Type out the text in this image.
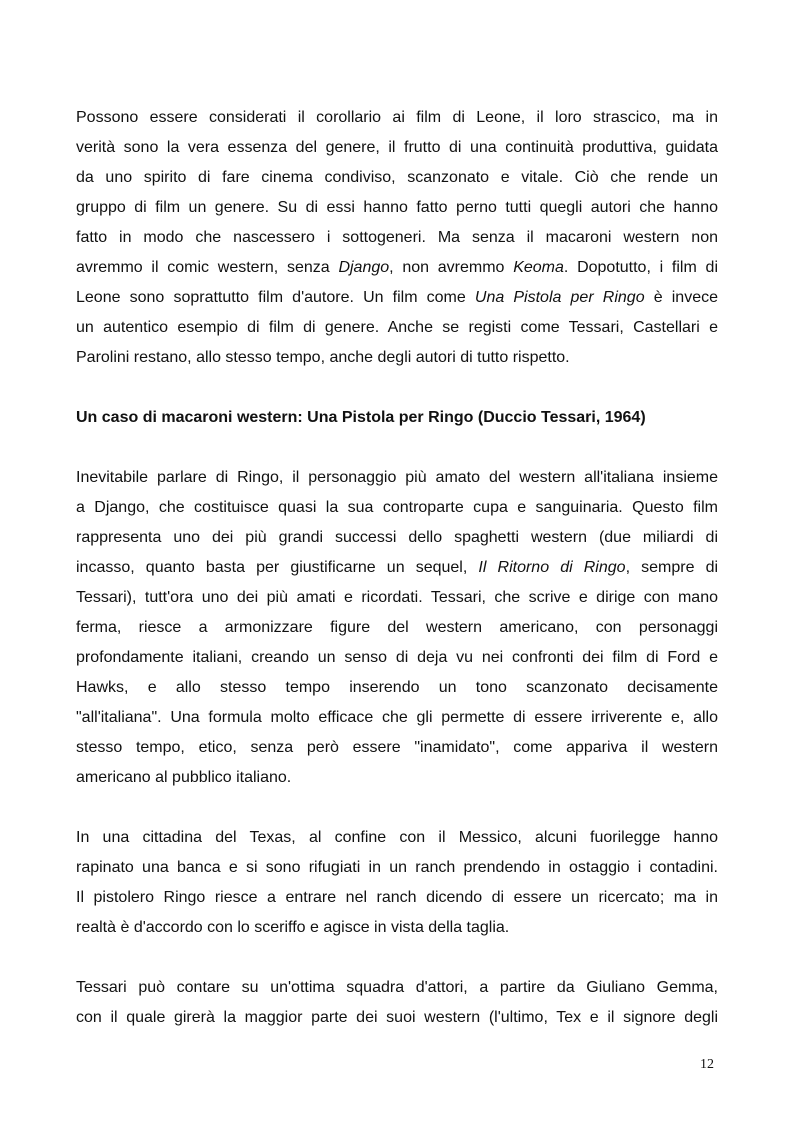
Possono essere considerati il corollario ai film di Leone, il loro strascico, ma in
verità sono la vera essenza del genere, il frutto di una continuità produttiva, guidata
da uno spirito di fare cinema condiviso, scanzonato e vitale. Ciò che rende un
gruppo di film un genere. Su di essi hanno fatto perno tutti quegli autori che hanno
fatto in modo che nascessero i sottogeneri. Ma senza il macaroni western non
avremmo il comic western, senza Django, non avremmo Keoma. Dopotutto, i film di
Leone sono soprattutto film d'autore. Un film come Una Pistola per Ringo è invece
un autentico esempio di film di genere. Anche se registi come Tessari, Castellari e
Parolini restano, allo stesso tempo, anche degli autori di tutto rispetto.
Un caso di macaroni western: Una Pistola per Ringo (Duccio Tessari, 1964)
Inevitabile parlare di Ringo, il personaggio più amato del western all'italiana insieme
a Django, che costituisce quasi la sua controparte cupa e sanguinaria. Questo film
rappresenta uno dei più grandi successi dello spaghetti western (due miliardi di
incasso, quanto basta per giustificarne un sequel, Il Ritorno di Ringo, sempre di
Tessari), tutt'ora uno dei più amati e ricordati. Tessari, che scrive e dirige con mano
ferma, riesce a armonizzare figure del western americano, con personaggi
profondamente italiani, creando un senso di deja vu nei confronti dei film di Ford e
Hawks, e allo stesso tempo inserendo un tono scanzonato decisamente
"all'italiana". Una formula molto efficace che gli permette di essere irriverente e, allo
stesso tempo, etico, senza però essere "inamidato", come appariva il western
americano al pubblico italiano.
In una cittadina del Texas, al confine con il Messico, alcuni fuorilegge hanno
rapinato una banca e si sono rifugiati in un ranch prendendo in ostaggio i contadini.
Il pistolero Ringo riesce a entrare nel ranch dicendo di essere un ricercato; ma in
realtà è d'accordo con lo sceriffo e agisce in vista della taglia.
Tessari può contare su un'ottima squadra d'attori, a partire da Giuliano Gemma,
con il quale girerà la maggior parte dei suoi western (l'ultimo, Tex e il signore degli
12
